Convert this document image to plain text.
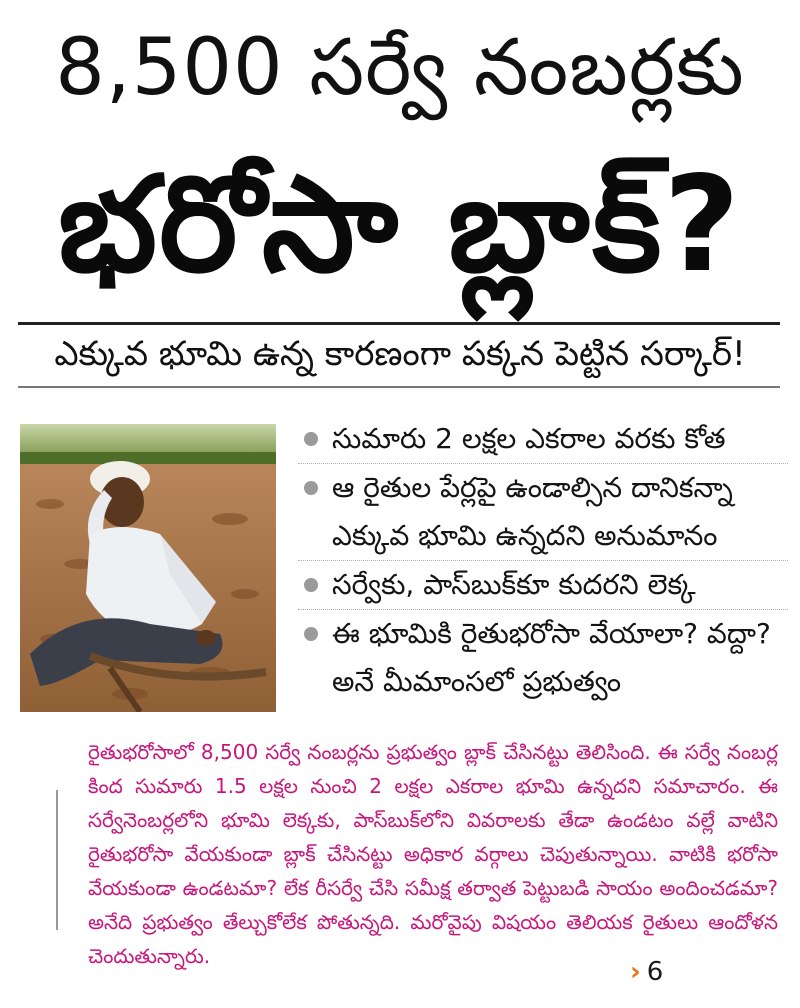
8,500 సర్వే నంబర్లకు
భరోసా బ్లాక్?
ఎక్కువ భూమి ఉన్న కారణంగా పక్కన పెట్టిన సర్కార్!
సుమారు 2 లక్షల ఎకరాల వరకు కోత
ఆ రైతుల పేర్లపై ఉండాల్సిన దానికన్నా ఎక్కువ భూమి ఉన్నదని అనుమానం
సర్వేకు, పాస్‌బుక్‌కూ కుదరని లెక్క
ఈ భూమికి రైతుభరోసా వేయాలా? వద్దా? అనే మీమాంసలో ప్రభుత్వం

రైతుభరోసాలో 8,500 సర్వే నంబర్లను ప్రభుత్వం బ్లాక్ చేసినట్టు తెలిసింది. ఈ సర్వే నంబర్ల కింద సుమారు 1.5 లక్షల నుంచి 2 లక్షల ఎకరాల భూమి ఉన్నదని సమాచారం. ఈ సర్వేనెంబర్లలోని భూమి లెక్కకు, పాస్‌బుక్‌లోని వివరాలకు తేడా ఉండటం వల్లే వాటిని రైతుభరోసా వేయకుండా బ్లాక్ చేసినట్టు అధికార వర్గాలు చెపుతున్నాయి. వాటికి భరోసా వేయకుండా ఉండటమా? లేక రీసర్వే చేసి సమీక్ష తర్వాత పెట్టుబడి సాయం అందించడమా? అనేది ప్రభుత్వం తేల్చుకోలేక పోతున్నది. మరోవైపు విషయం తెలియక రైతులు ఆందోళన చెందుతున్నారు.

› 6
